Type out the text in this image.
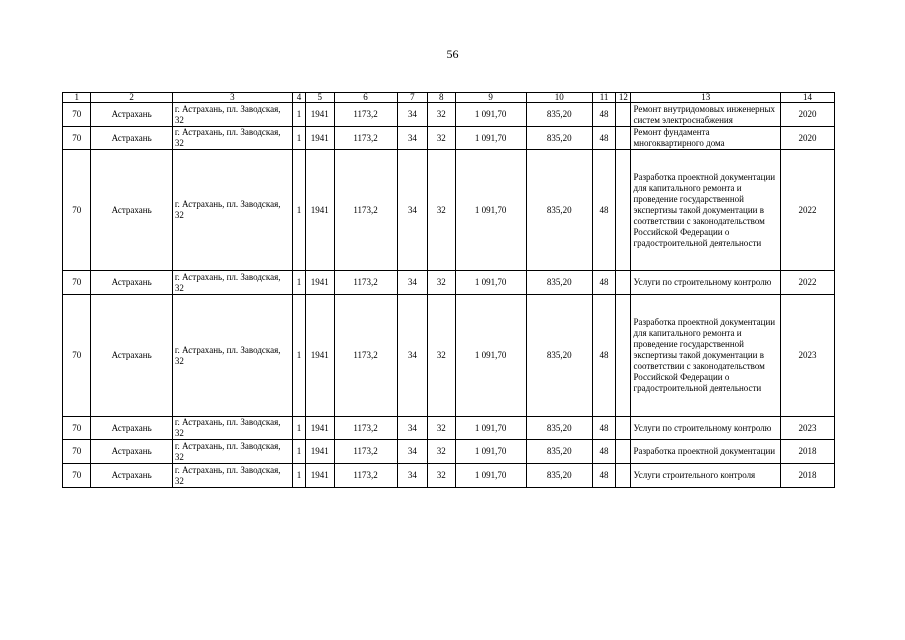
56
1	2	3	4	5	6	7	8	9	10	11	12	13	14
70	Астрахань	г. Астрахань, пл. Заводская, 32	1	1941	1173,2	34	32	1 091,70	835,20	48		Ремонт внутридомовых инженерных систем электроснабжения	2020
70	Астрахань	г. Астрахань, пл. Заводская, 32	1	1941	1173,2	34	32	1 091,70	835,20	48		Ремонт фундамента многоквартирного дома	2020
70	Астрахань	г. Астрахань, пл. Заводская, 32	1	1941	1173,2	34	32	1 091,70	835,20	48		Разработка проектной документации для капитального ремонта и проведение государственной экспертизы такой документации в соответствии с законодательством Российской Федерации о градостроительной деятельности	2022
70	Астрахань	г. Астрахань, пл. Заводская, 32	1	1941	1173,2	34	32	1 091,70	835,20	48		Услуги по строительному контролю	2022
70	Астрахань	г. Астрахань, пл. Заводская, 32	1	1941	1173,2	34	32	1 091,70	835,20	48		Разработка проектной документации для капитального ремонта и проведение государственной экспертизы такой документации в соответствии с законодательством Российской Федерации о градостроительной деятельности	2023
70	Астрахань	г. Астрахань, пл. Заводская, 32	1	1941	1173,2	34	32	1 091,70	835,20	48		Услуги по строительному контролю	2023
70	Астрахань	г. Астрахань, пл. Заводская, 32	1	1941	1173,2	34	32	1 091,70	835,20	48		Разработка проектной документации	2018
70	Астрахань	г. Астрахань, пл. Заводская, 32	1	1941	1173,2	34	32	1 091,70	835,20	48		Услуги строительного контроля	2018
